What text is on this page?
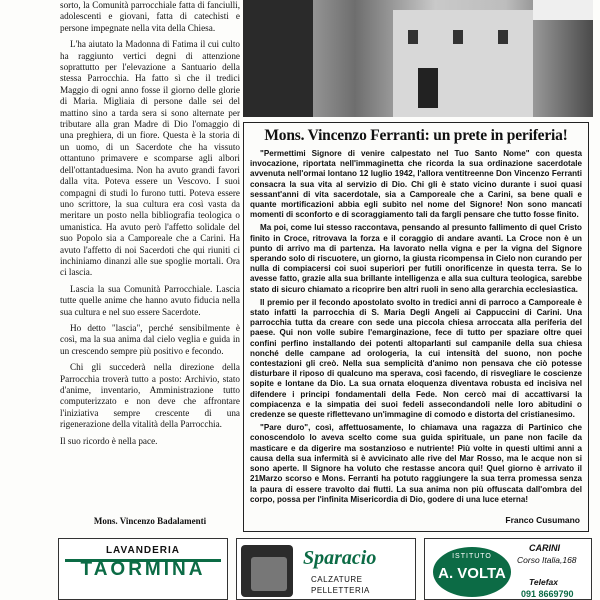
sorto, la Comunità parrocchiale fatta di fanciulli, adolescenti e giovani, fatta di catechisti e persone impegnate nella vita della Chiesa.

L'ha aiutato la Madonna di Fatima il cui culto ha raggiunto vertici degni di attenzione soprattutto per l'elevazione a Santuario della stessa Parrocchia. Ha fatto sì che il tredici Maggio di ogni anno fosse il giorno delle glorie di Maria. Migliaia di persone dalle sei del mattino sino a tarda sera si sono alternate per tributare alla gran Madre di Dio l'omaggio di una preghiera, di un fiore. Questa è la storia di un uomo, di un Sacerdote che ha vissuto ottantuno primavere e scomparse agli albori dell'ottantaduesima. Non ha avuto grandi favori dalla vita. Poteva essere un Vescovo. I suoi compagni di studi lo furono tutti. Poteva essere uno scrittore, la sua cultura era così vasta da meritare un posto nella bibliografia teologica o umanistica. Ha avuto però l'affetto solidale del suo Popolo sia a Camporeale che a Carini. Ha avuto l'affetto di noi Sacerdoti che qui riuniti ci inchiniamo dinanzi alle sue spoglie mortali. Ora ci lascia.

Lascia la sua Comunità Parrocchiale. Lascia tutte quelle anime che hanno avuto fiducia nella sua cultura e nel suo essere Sacerdote.

Ho detto "lascia", perché sensibilmente è così, ma la sua anima dal cielo veglia e guida in un crescendo sempre più positivo e fecondo.

Chi gli succederà nella direzione della Parrocchia troverà tutto a posto: Archivio, stato d'anime, inventario, Amministrazione tutto computerizzato e non deve che affrontare l'iniziativa sempre crescente di una rigenerazione della vitalità della Parrocchia.

Il suo ricordo è nella pace.

Mons. Vincenzo Badalamenti
Mons. Vincenzo Ferranti: un prete in periferia!

"Permettimi Signore di venire calpestato nel Tuo Santo Nome" con questa invocazione, riportata nell'immaginetta che ricorda la sua ordinazione sacerdotale avvenuta nell'ormai lontano 12 luglio 1942, l'allora ventitreenne Don Vincenzo Ferranti consacra la sua vita al servizio di Dio. Chi gli è stato vicino durante i suoi quasi sessant'anni di vita sacerdotale, sia a Camporeale che a Carini, sa bene quali e quante mortificazioni abbia egli subìto nel nome del Signore! Non sono mancati momenti di sconforto e di scoraggiamento tali da fargli pensare che tutto fosse finito.

Ma poi, come lui stesso raccontava, pensando al presunto fallimento di quel Cristo finito in Croce, ritrovava la forza e il coraggio di andare avanti. La Croce non è un punto di arrivo ma di partenza. Ha lavorato nella vigna e per la vigna del Signore sperando solo di riscuotere, un giorno, la giusta ricompensa in Cielo non curando per nulla di compiacersi coi suoi superiori per futili onorificenze in questa terra. Se lo avesse fatto, grazie alla sua brillante intelligenza e alla sua cultura teologica, sarebbe stato di sicuro chiamato a ricoprire ben altri ruoli in seno alla gerarchia ecclesiastica.

Il premio per il fecondo apostolato svolto in tredici anni di parroco a Camporeale è stato infatti la parrocchia di S. Maria Degli Angeli ai Cappuccini di Carini. Una parrocchia tutta da creare con sede una piccola chiesa arroccata alla periferia del paese. Qui non volle subire l'emarginazione, fece di tutto per spaziare oltre quei confini perfino installando dei potenti altoparlanti sul campanile della sua chiesa nonché delle campane ad orologeria, la cui intensità del suono, non poche contestazioni gli creò. Nella sua semplicità d'animo non pensava che ciò potesse disturbare il riposo di qualcuno ma sperava, così facendo, di risvegliare le coscienze sopite e lontane da Dio. La sua ornata eloquenza diventava robusta ed incisiva nel difendere i principi fondamentali della Fede. Non cercò mai di accattivarsi la compiacenza e la simpatia dei suoi fedeli assecondandoli nelle loro abitudini o credenze se queste riflettevano un'immagine di comodo e distorta del cristianesimo.

"Pare duro", così, affettuosamente, lo chiamava una ragazza di Partinico che conoscendolo lo aveva scelto come sua guida spirituale, un pane non facile da masticare e da digerire ma sostanzioso e nutriente! Più volte in questi ultimi anni a causa della sua infermità si è avvicinato alle rive del Mar Rosso, ma le acque non si sono aperte. Il Signore ha voluto che restasse ancora qui! Quel giorno è arrivato il 21Marzo scorso e Mons. Ferranti ha potuto raggiungere la sua terra promessa senza la paura di essere travolto dai flutti. La sua anima non più offuscata dall'ombra del corpo, possa per l'infinita Misericordia di Dio, godere di una luce eterna!

Franco Cusumano
LAVANDERIA
TAORMINA
Sparacio
CALZATURE
PELLETTERIA
ISTITUTO
A. VOLTA
CARINI
Corso Italia,168
Telefax
091 8669790
